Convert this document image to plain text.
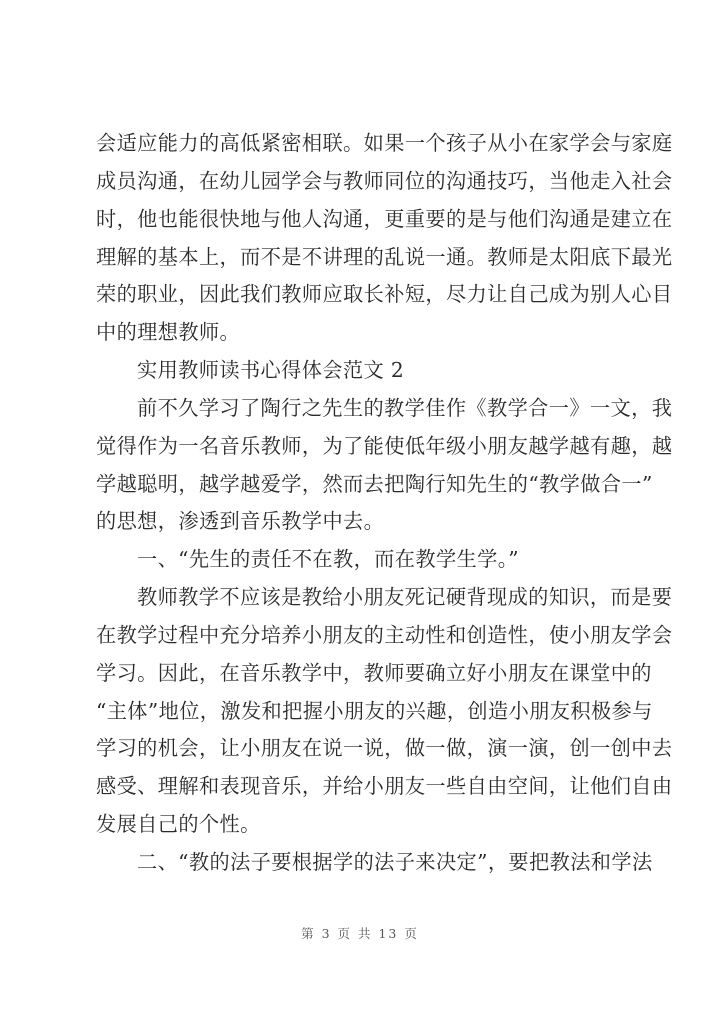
会适应能力的高低紧密相联。如果一个孩子从小在家学会与家庭
成员沟通，在幼儿园学会与教师同位的沟通技巧，当他走入社会
时，他也能很快地与他人沟通，更重要的是与他们沟通是建立在
理解的基本上，而不是不讲理的乱说一通。教师是太阳底下最光
荣的职业，因此我们教师应取长补短，尽力让自己成为别人心目
中的理想教师。
实用教师读书心得体会范文 2
前不久学习了陶行之先生的教学佳作《教学合一》一文，我
觉得作为一名音乐教师，为了能使低年级小朋友越学越有趣，越
学越聪明，越学越爱学，然而去把陶行知先生的“教学做合一”
的思想，渗透到音乐教学中去。
一、“先生的责任不在教，而在教学生学。”
教师教学不应该是教给小朋友死记硬背现成的知识，而是要
在教学过程中充分培养小朋友的主动性和创造性，使小朋友学会
学习。因此，在音乐教学中，教师要确立好小朋友在课堂中的
“主体”地位，激发和把握小朋友的兴趣，创造小朋友积极参与
学习的机会，让小朋友在说一说，做一做，演一演，创一创中去
感受、理解和表现音乐，并给小朋友一些自由空间，让他们自由
发展自己的个性。
二、“教的法子要根据学的法子来决定”，要把教法和学法
第 3 页 共 13 页
